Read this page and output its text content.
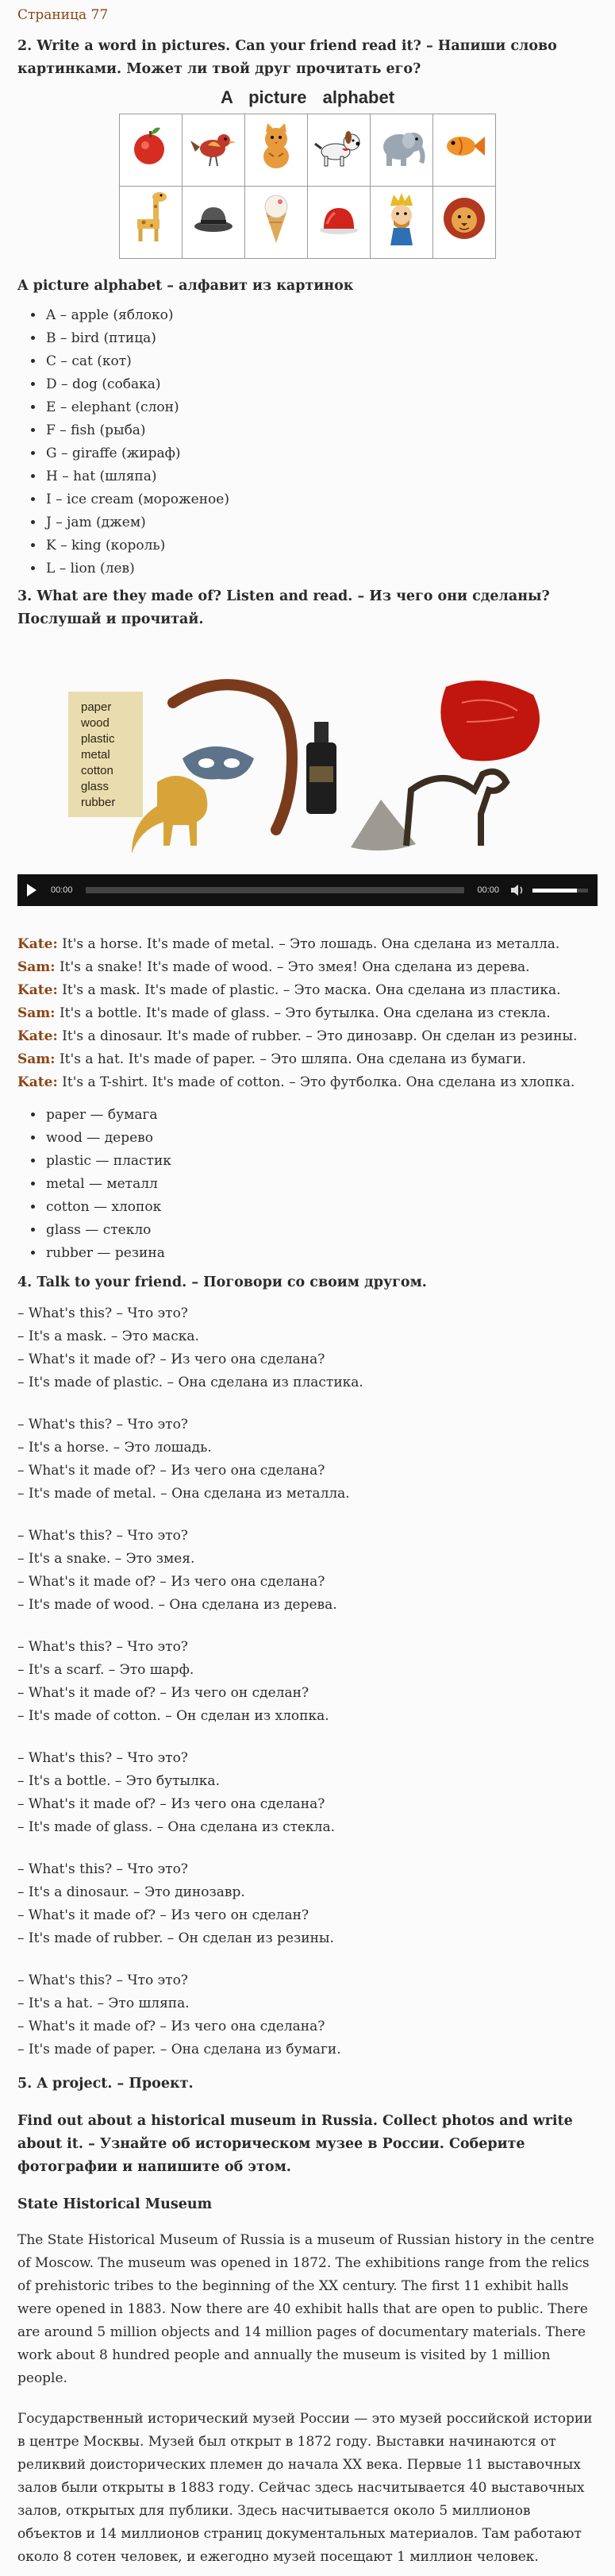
Страница 77
2. Write a word in pictures. Can your friend read it? – Напиши слово картинками. Может ли твой друг прочитать его?
A picture alphabet

A picture alphabet – алфавит из картинок
• A – apple (яблоко)
• B – bird (птица)
• C – cat (кот)
• D – dog (собака)
• E – elephant (слон)
• F – fish (рыба)
• G – giraffe (жираф)
• H – hat (шляпа)
• I – ice cream (мороженое)
• J – jam (джем)
• K – king (король)
• L – lion (лев)
3. What are they made of? Listen and read. – Из чего они сделаны? Послушай и прочитай.
paper
wood
plastic
metal
cotton
glass
rubber
00:00	00:00

Kate: It's a horse. It's made of metal. – Это лошадь. Она сделана из металла.

Sam: It's a snake! It's made of wood. – Это змея! Она сделана из дерева.

Kate: It's a mask. It's made of plastic. – Это маска. Она сделана из пластика.

Sam: It's a bottle. It's made of glass. – Это бутылка. Она сделана из стекла.

Kate: It's a dinosaur. It's made of rubber. – Это динозавр. Он сделан из резины.

Sam: It's a hat. It's made of paper. – Это шляпа. Она сделана из бумаги.

Kate: It's a T-shirt. It's made of cotton. – Это футболка. Она сделана из хлопка.

• paper — бумага
• wood — дерево
• plastic — пластик
• metal — металл
• cotton — хлопок
• glass — стекло
• rubber — резина
4. Talk to your friend. – Поговори со своим другом.

– What's this? – Что это?

– It's a mask. – Это маска.

– What's it made of? – Из чего она сделана?

– It's made of plastic. – Она сделана из пластика.

– What's this? – Что это?

– It's a horse. – Это лошадь.

– What's it made of? – Из чего она сделана?

– It's made of metal. – Она сделана из металла.

– What's this? – Что это?

– It's a snake. – Это змея.

– What's it made of? – Из чего она сделана?

– It's made of wood. – Она сделана из дерева.

– What's this? – Что это?

– It's a scarf. – Это шарф.

– What's it made of? – Из чего он сделан?

– It's made of cotton. – Он сделан из хлопка.

– What's this? – Что это?

– It's a bottle. – Это бутылка.

– What's it made of? – Из чего она сделана?

– It's made of glass. – Она сделана из стекла.

– What's this? – Что это?

– It's a dinosaur. – Это динозавр.

– What's it made of? – Из чего он сделан?

– It's made of rubber. – Он сделан из резины.

– What's this? – Что это?

– It's a hat. – Это шляпа.

– What's it made of? – Из чего она сделана?

– It's made of paper. – Она сделана из бумаги.

5. A project. – Проект.
Find out about a historical museum in Russia. Collect photos and write about it. – Узнайте об историческом музее в России. Соберите фотографии и напишите об этом.
State Historical Museum

The State Historical Museum of Russia is a museum of Russian history in the centre of Moscow. The museum was opened in 1872. The exhibitions range from the relics of prehistoric tribes to the beginning of the XX century. The first 11 exhibit halls were opened in 1883. Now there are 40 exhibit halls that are open to public. There are around 5 million objects and 14 million pages of documentary materials. There work about 8 hundred people and annually the museum is visited by 1 million people.

Государственный исторический музей России — это музей российской истории в центре Москвы. Музей был открыт в 1872 году. Выставки начинаются от реликвий доисторических племен до начала XX века. Первые 11 выставочных залов были открыты в 1883 году. Сейчас здесь насчитывается 40 выставочных залов, открытых для публики. Здесь насчитывается около 5 миллионов объектов и 14 миллионов страниц документальных материалов. Там работают около 8 сотен человек, и ежегодно музей посещают 1 миллион человек.
